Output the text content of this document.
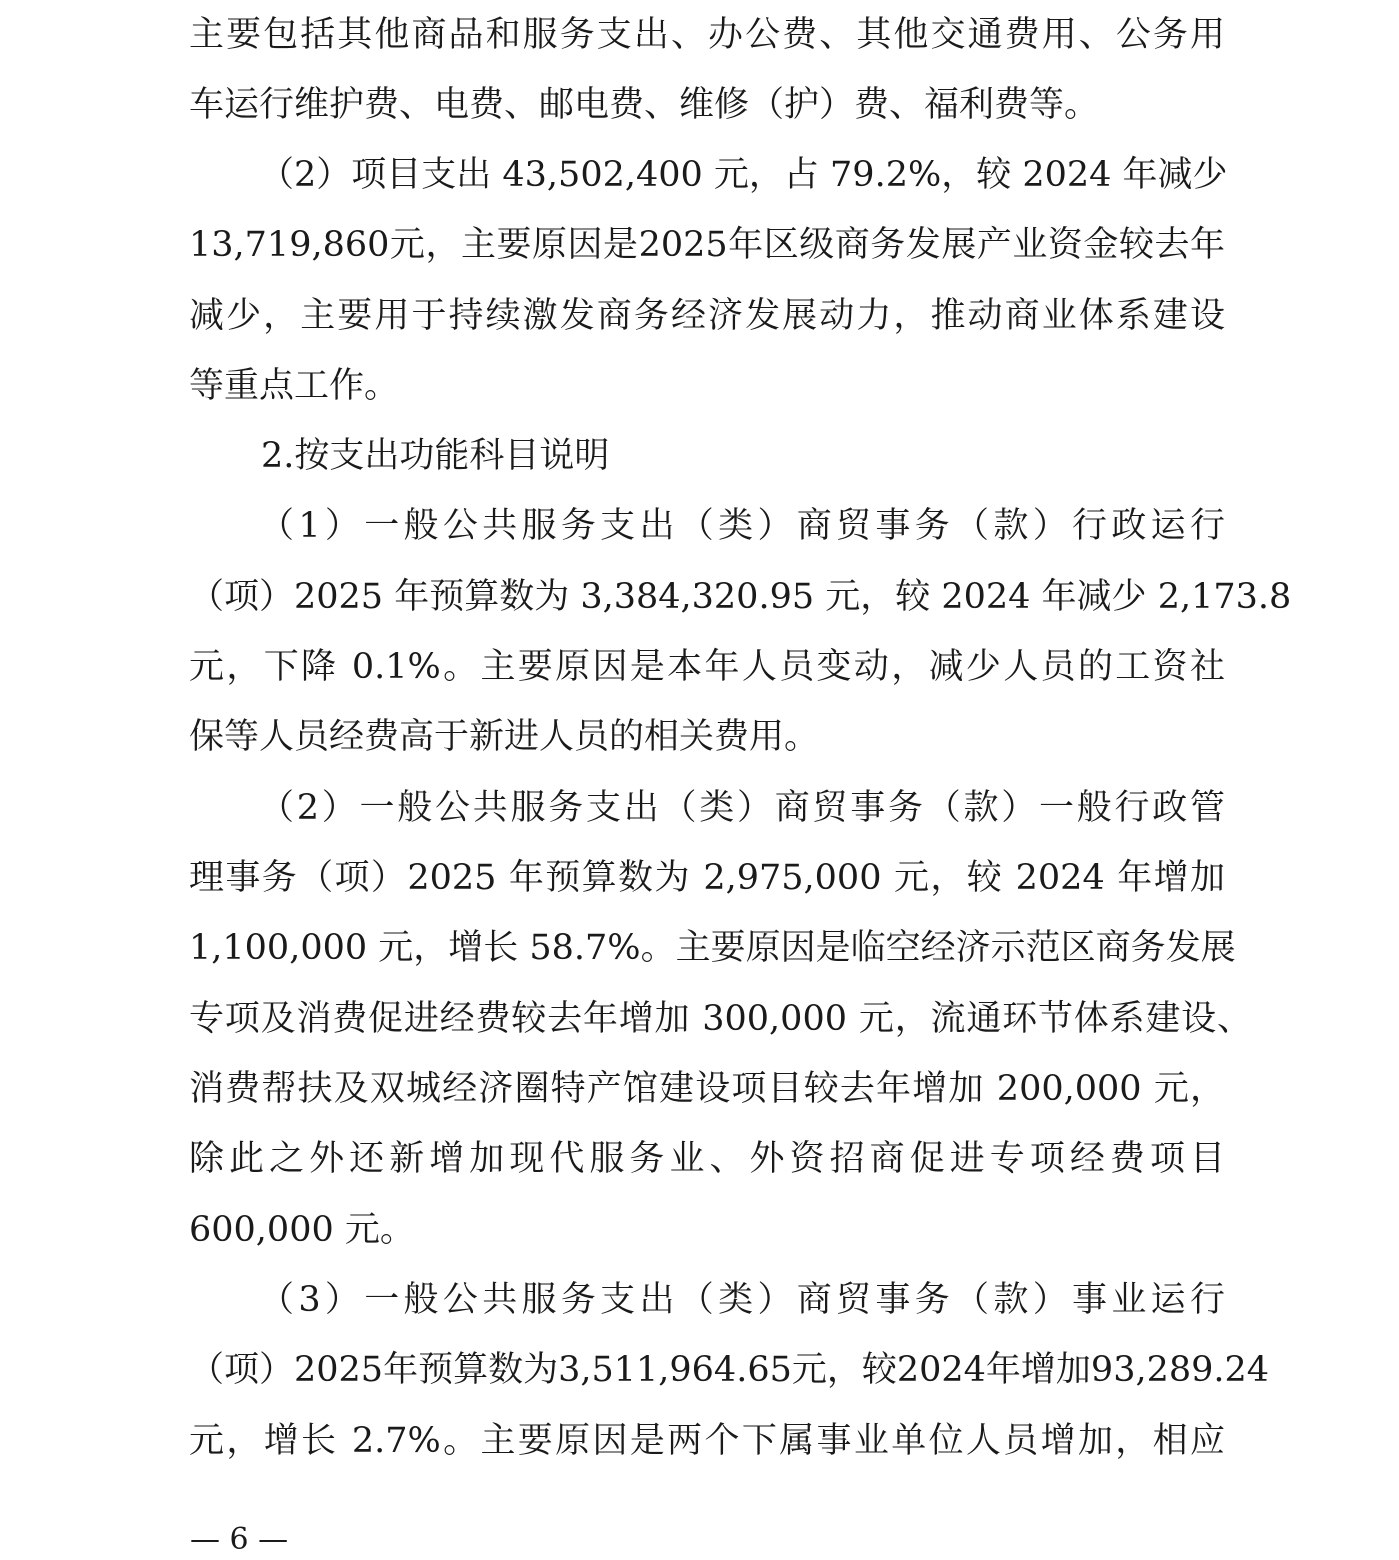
主要包括其他商品和服务支出、办公费、其他交通费用、公务用
车运行维护费、电费、邮电费、维修（护）费、福利费等。
（2）项目支出 43,502,400 元，占 79.2%，较 2024 年减少
13,719,860元，主要原因是2025年区级商务发展产业资金较去年
减少，主要用于持续激发商务经济发展动力，推动商业体系建设
等重点工作。
2.按支出功能科目说明
（1）一般公共服务支出（类）商贸事务（款）行政运行
（项）2025 年预算数为 3,384,320.95 元，较 2024 年减少 2,173.8
元，下降 0.1%。主要原因是本年人员变动，减少人员的工资社
保等人员经费高于新进人员的相关费用。
（2）一般公共服务支出（类）商贸事务（款）一般行政管
理事务（项）2025 年预算数为 2,975,000 元，较 2024 年增加
1,100,000 元，增长 58.7%。主要原因是临空经济示范区商务发展
专项及消费促进经费较去年增加 300,000 元，流通环节体系建设、
消费帮扶及双城经济圈特产馆建设项目较去年增加 200,000 元，
除此之外还新增加现代服务业、外资招商促进专项经费项目
600,000 元。
（3）一般公共服务支出（类）商贸事务（款）事业运行
（项）2025年预算数为3,511,964.65元，较2024年增加93,289.24
元，增长 2.7%。主要原因是两个下属事业单位人员增加，相应
— 6 —
